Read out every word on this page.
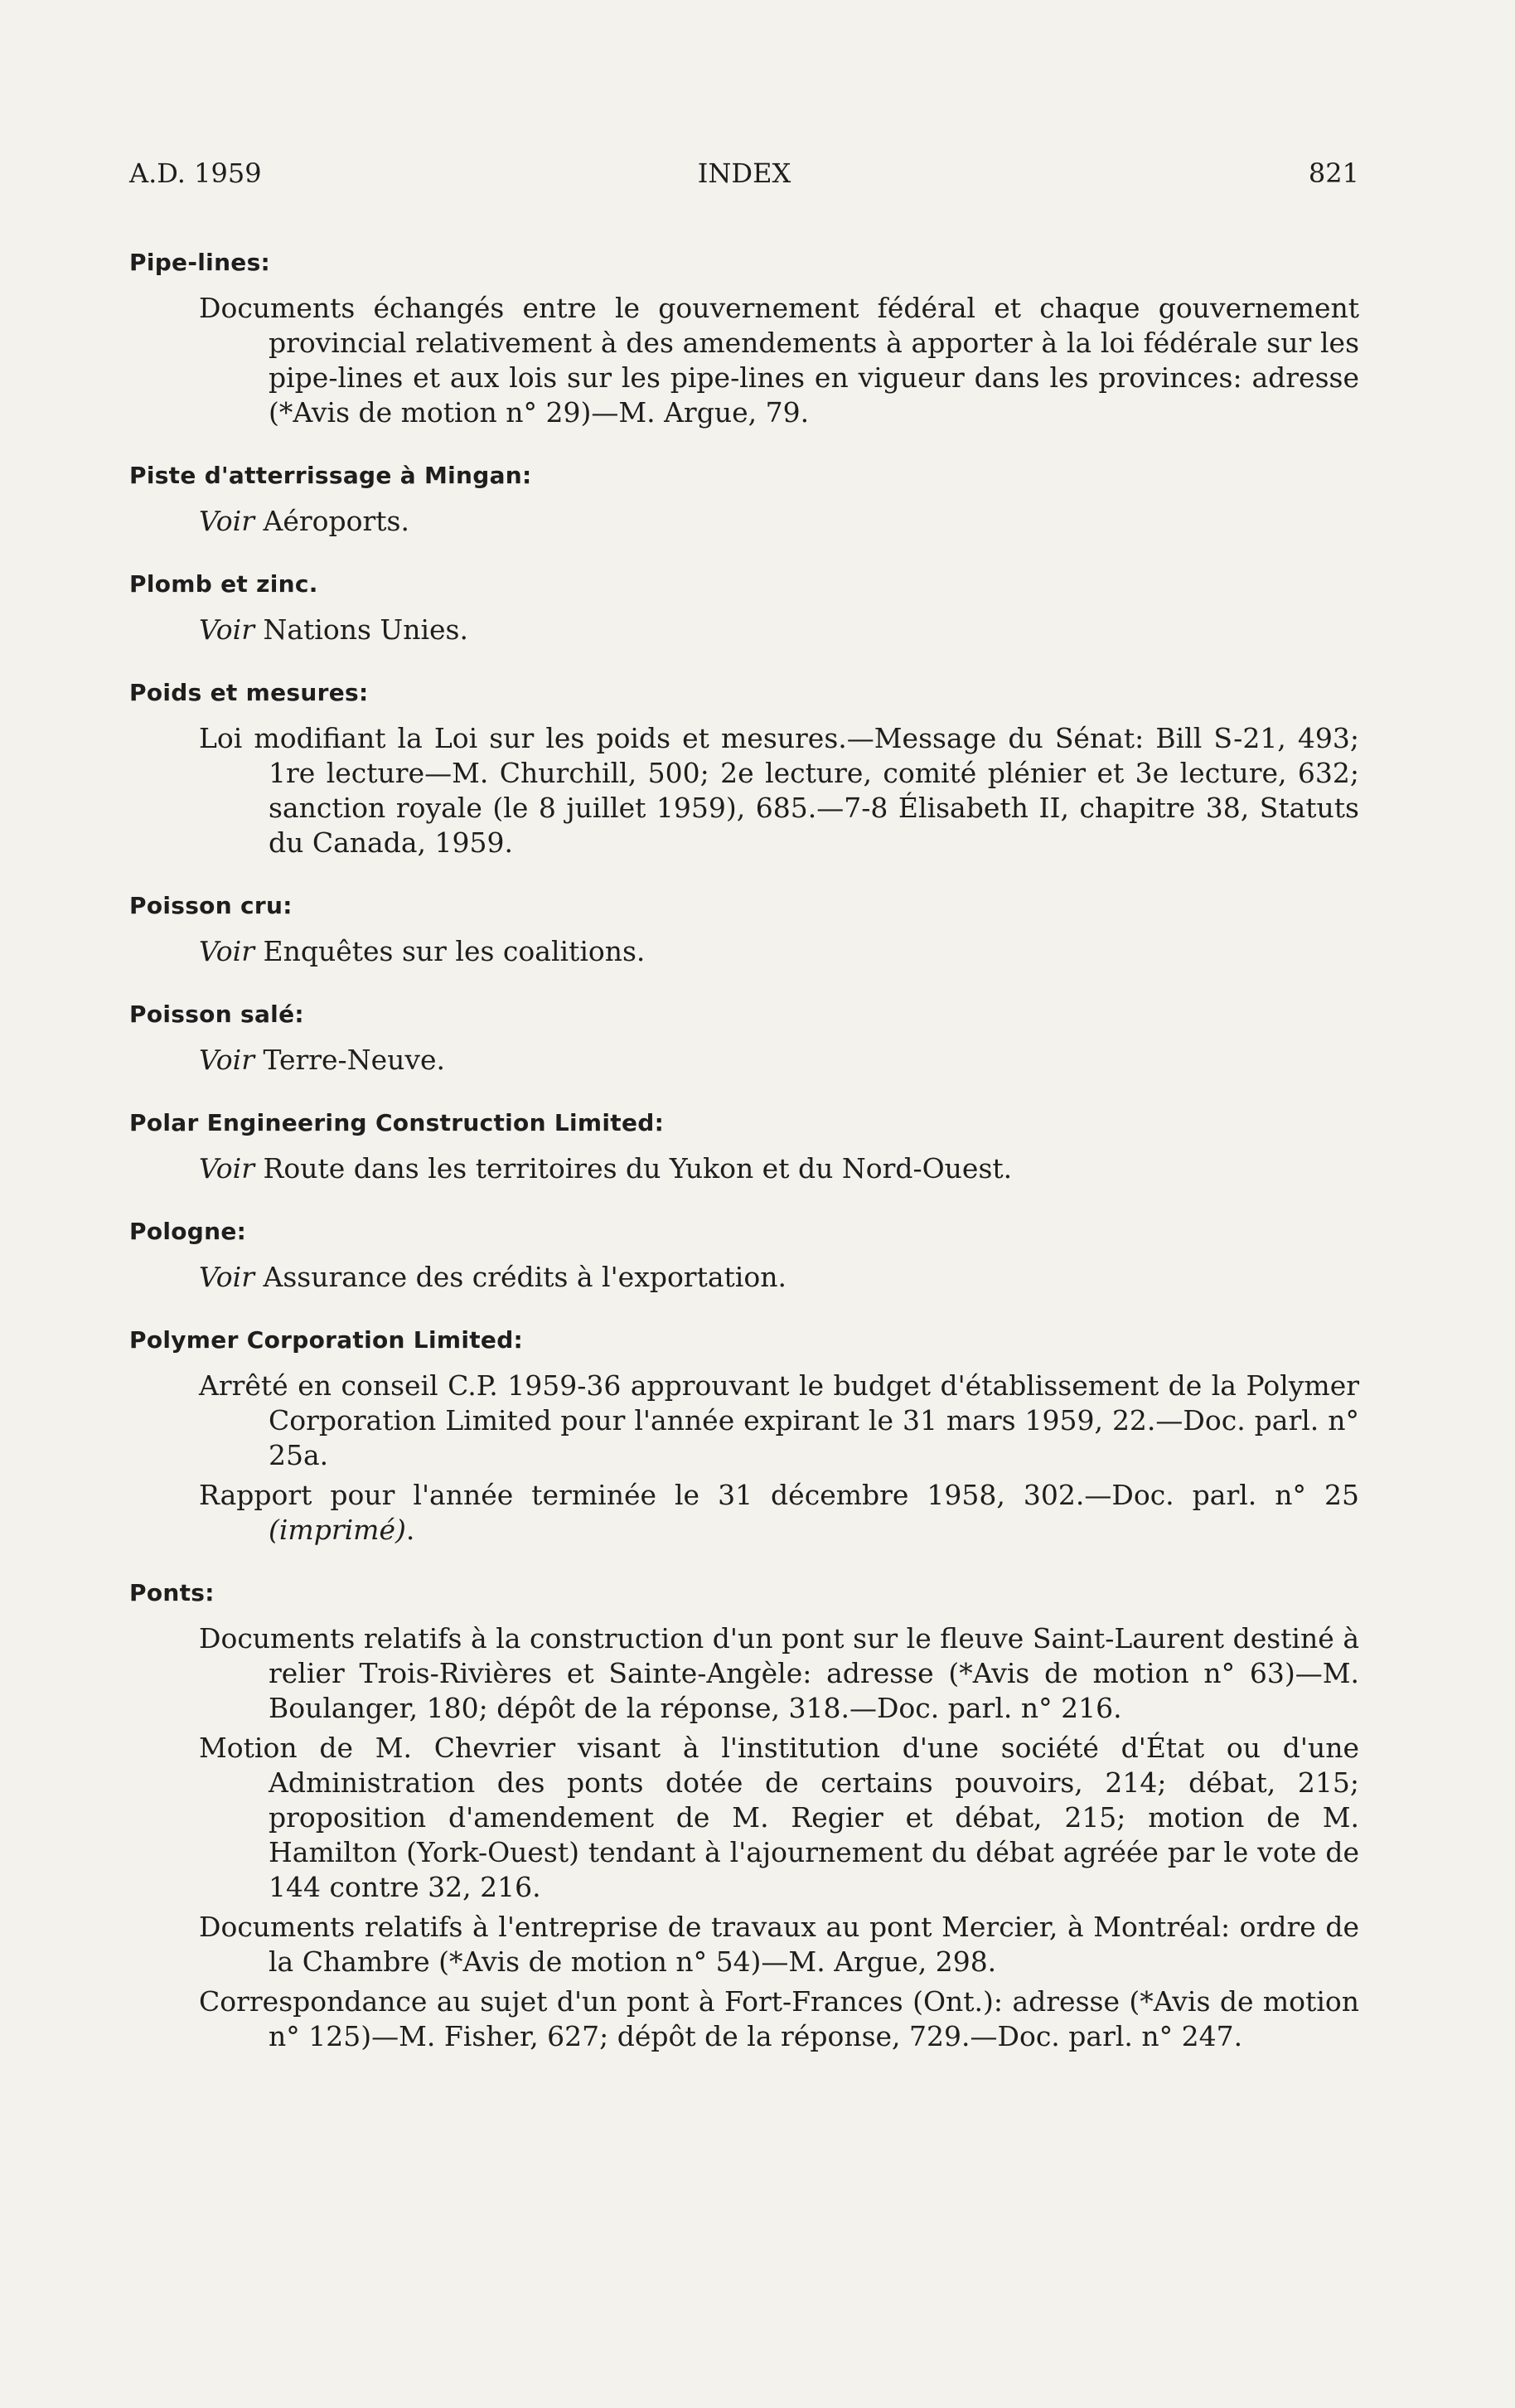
A.D. 1959	INDEX	821
Pipe-lines:
Documents échangés entre le gouvernement fédéral et chaque gouvernement provincial relativement à des amendements à apporter à la loi fédérale sur les pipe-lines et aux lois sur les pipe-lines en vigueur dans les provinces: adresse (*Avis de motion n° 29)—M. Argue, 79.
Piste d'atterrissage à Mingan:
Voir Aéroports.
Plomb et zinc.
Voir Nations Unies.
Poids et mesures:
Loi modifiant la Loi sur les poids et mesures.—Message du Sénat: Bill S-21, 493; 1re lecture—M. Churchill, 500; 2e lecture, comité plénier et 3e lecture, 632; sanction royale (le 8 juillet 1959), 685.—7-8 Élisabeth II, chapitre 38, Statuts du Canada, 1959.
Poisson cru:
Voir Enquêtes sur les coalitions.
Poisson salé:
Voir Terre-Neuve.
Polar Engineering Construction Limited:
Voir Route dans les territoires du Yukon et du Nord-Ouest.
Pologne:
Voir Assurance des crédits à l'exportation.
Polymer Corporation Limited:
Arrêté en conseil C.P. 1959-36 approuvant le budget d'établissement de la Polymer Corporation Limited pour l'année expirant le 31 mars 1959, 22.—Doc. parl. n° 25a.
Rapport pour l'année terminée le 31 décembre 1958, 302.—Doc. parl. n° 25 (imprimé).
Ponts:
Documents relatifs à la construction d'un pont sur le fleuve Saint-Laurent destiné à relier Trois-Rivières et Sainte-Angèle: adresse (*Avis de motion n° 63)—M. Boulanger, 180; dépôt de la réponse, 318.—Doc. parl. n° 216.
Motion de M. Chevrier visant à l'institution d'une société d'État ou d'une Administration des ponts dotée de certains pouvoirs, 214; débat, 215; proposition d'amendement de M. Regier et débat, 215; motion de M. Hamilton (York-Ouest) tendant à l'ajournement du débat agréée par le vote de 144 contre 32, 216.
Documents relatifs à l'entreprise de travaux au pont Mercier, à Montréal: ordre de la Chambre (*Avis de motion n° 54)—M. Argue, 298.
Correspondance au sujet d'un pont à Fort-Frances (Ont.): adresse (*Avis de motion n° 125)—M. Fisher, 627; dépôt de la réponse, 729.—Doc. parl. n° 247.
